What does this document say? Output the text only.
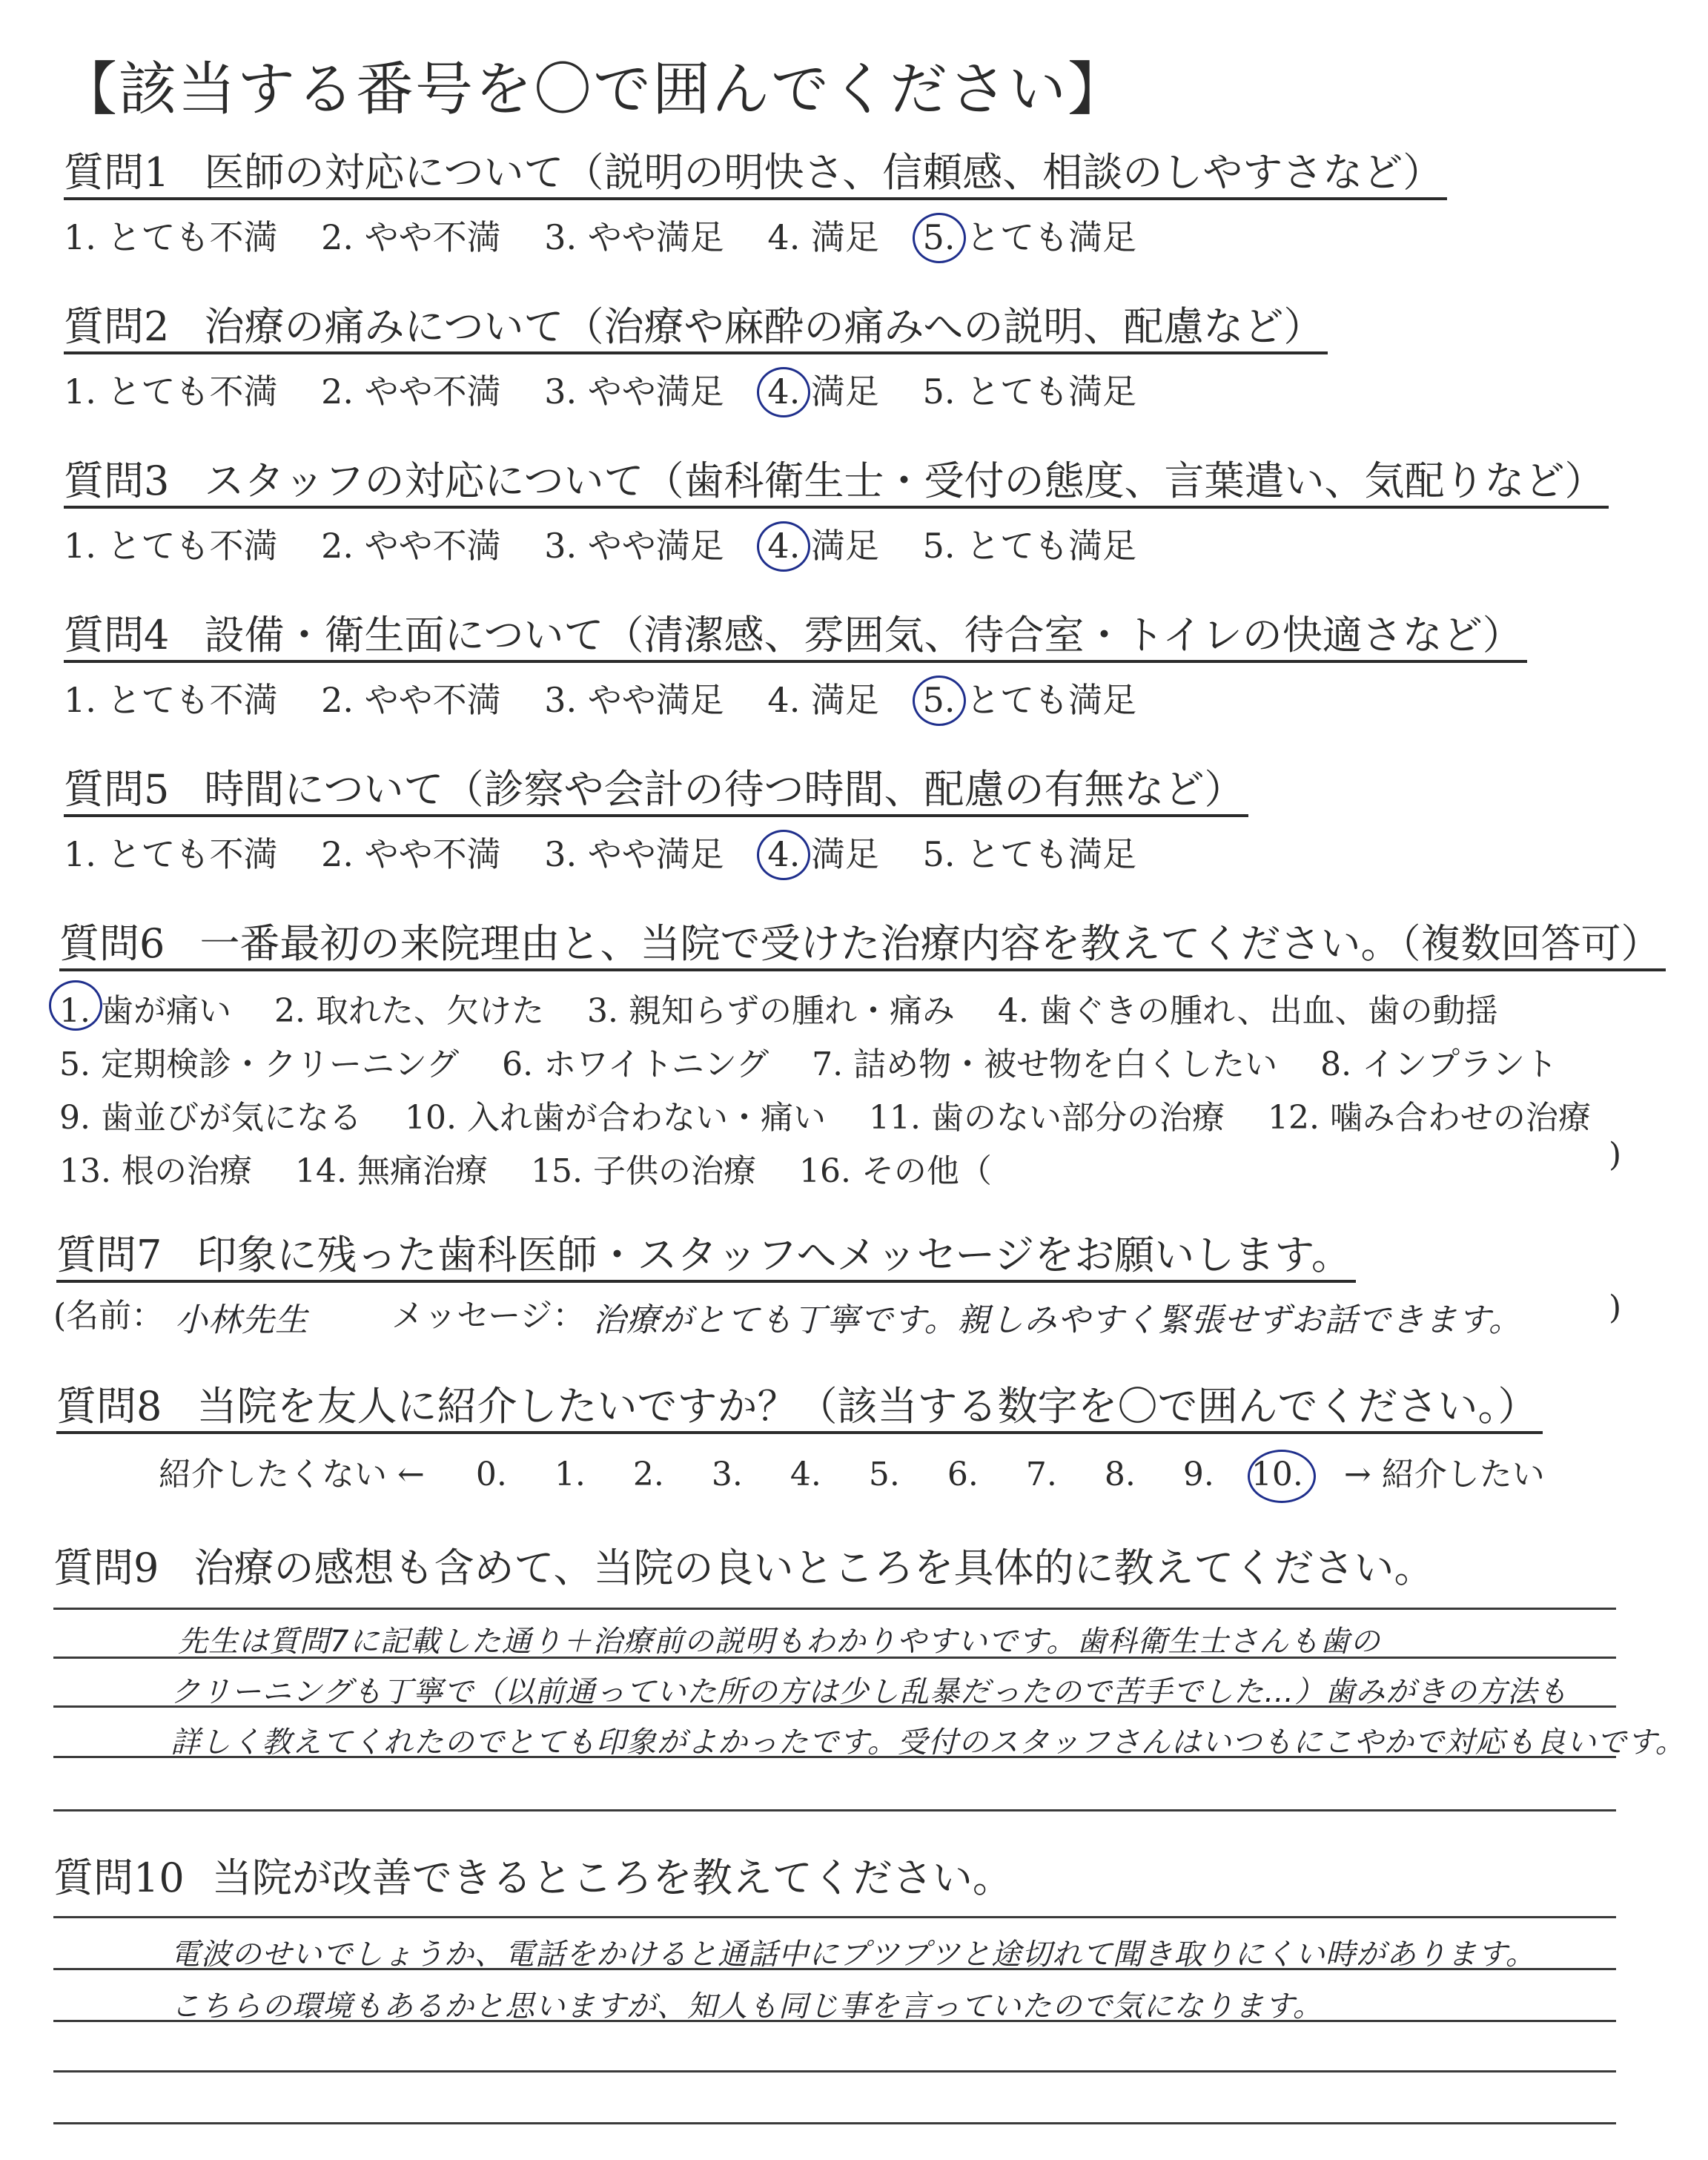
【該当する番号を〇で囲んでください】
質問1 医師の対応について（説明の明快さ、信頼感、相談のしやすさなど）
1. とても不満 2. やや不満 3. やや満足 4. 満足 5. とても満足
質問2 治療の痛みについて（治療や麻酔の痛みへの説明、配慮など）
1. とても不満 2. やや不満 3. やや満足 4. 満足 5. とても満足
質問3 スタッフの対応について（歯科衛生士・受付の態度、言葉遣い、気配りなど）
1. とても不満 2. やや不満 3. やや満足 4. 満足 5. とても満足
質問4 設備・衛生面について（清潔感、雰囲気、待合室・トイレの快適さなど）
1. とても不満 2. やや不満 3. やや満足 4. 満足 5. とても満足
質問5 時間について（診察や会計の待つ時間、配慮の有無など）
1. とても不満 2. やや不満 3. やや満足 4. 満足 5. とても満足
質問6 一番最初の来院理由と、当院で受けた治療内容を教えてください。（複数回答可）
1. 歯が痛い 2. 取れた、欠けた 3. 親知らずの腫れ・痛み 4. 歯ぐきの腫れ、出血、歯の動揺
5. 定期検診・クリーニング 6. ホワイトニング 7. 詰め物・被せ物を白くしたい 8. インプラント
9. 歯並びが気になる 10. 入れ歯が合わない・痛い 11. 歯のない部分の治療 12. 噛み合わせの治療
13. 根の治療 14. 無痛治療 15. 子供の治療 16. その他（	)
質問7 印象に残った歯科医師・スタッフへメッセージをお願いします。
(名前： 小林先生	メッセージ： 治療がとても丁寧です。親しみやすく緊張せずお話できます。	)
質問8 当院を友人に紹介したいですか？（該当する数字を〇で囲んでください。）
紹介したくない ← 0. 1. 2. 3. 4. 5. 6. 7. 8. 9. 10. → 紹介したい
質問9 治療の感想も含めて、当院の良いところを具体的に教えてください。
先生は質問7に記載した通り＋治療前の説明もわかりやすいです。歯科衛生士さんも歯の
クリーニングも丁寧で（以前通っていた所の方は少し乱暴だったので苦手でした…）歯みがきの方法も
詳しく教えてくれたのでとても印象がよかったです。受付のスタッフさんはいつもにこやかで対応も良いです。
質問10 当院が改善できるところを教えてください。
電波のせいでしょうか、電話をかけると通話中にプツプツと途切れて聞き取りにくい時があります。
こちらの環境もあるかと思いますが、知人も同じ事を言っていたので気になります。
